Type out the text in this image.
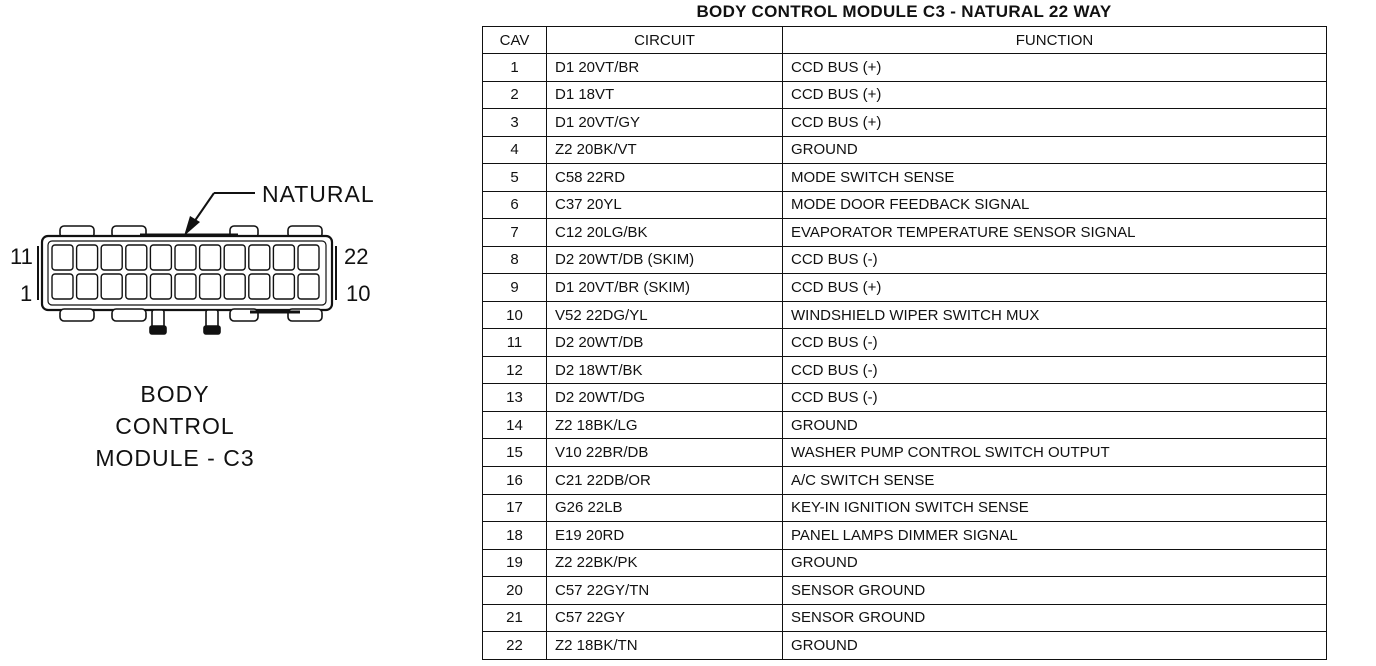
NATURAL
11
1
22
10
BODY
CONTROL
MODULE - C3
BODY CONTROL MODULE C3 - NATURAL 22 WAY
CAV	CIRCUIT	FUNCTION
1	D1 20VT/BR	CCD BUS (+)
2	D1 18VT	CCD BUS (+)
3	D1 20VT/GY	CCD BUS (+)
4	Z2 20BK/VT	GROUND
5	C58 22RD	MODE SWITCH SENSE
6	C37 20YL	MODE DOOR FEEDBACK SIGNAL
7	C12 20LG/BK	EVAPORATOR TEMPERATURE SENSOR SIGNAL
8	D2 20WT/DB (SKIM)	CCD BUS (-)
9	D1 20VT/BR (SKIM)	CCD BUS (+)
10	V52 22DG/YL	WINDSHIELD WIPER SWITCH MUX
11	D2 20WT/DB	CCD BUS (-)
12	D2 18WT/BK	CCD BUS (-)
13	D2 20WT/DG	CCD BUS (-)
14	Z2 18BK/LG	GROUND
15	V10 22BR/DB	WASHER PUMP CONTROL SWITCH OUTPUT
16	C21 22DB/OR	A/C SWITCH SENSE
17	G26 22LB	KEY-IN IGNITION SWITCH SENSE
18	E19 20RD	PANEL LAMPS DIMMER SIGNAL
19	Z2 22BK/PK	GROUND
20	C57 22GY/TN	SENSOR GROUND
21	C57 22GY	SENSOR GROUND
22	Z2 18BK/TN	GROUND
